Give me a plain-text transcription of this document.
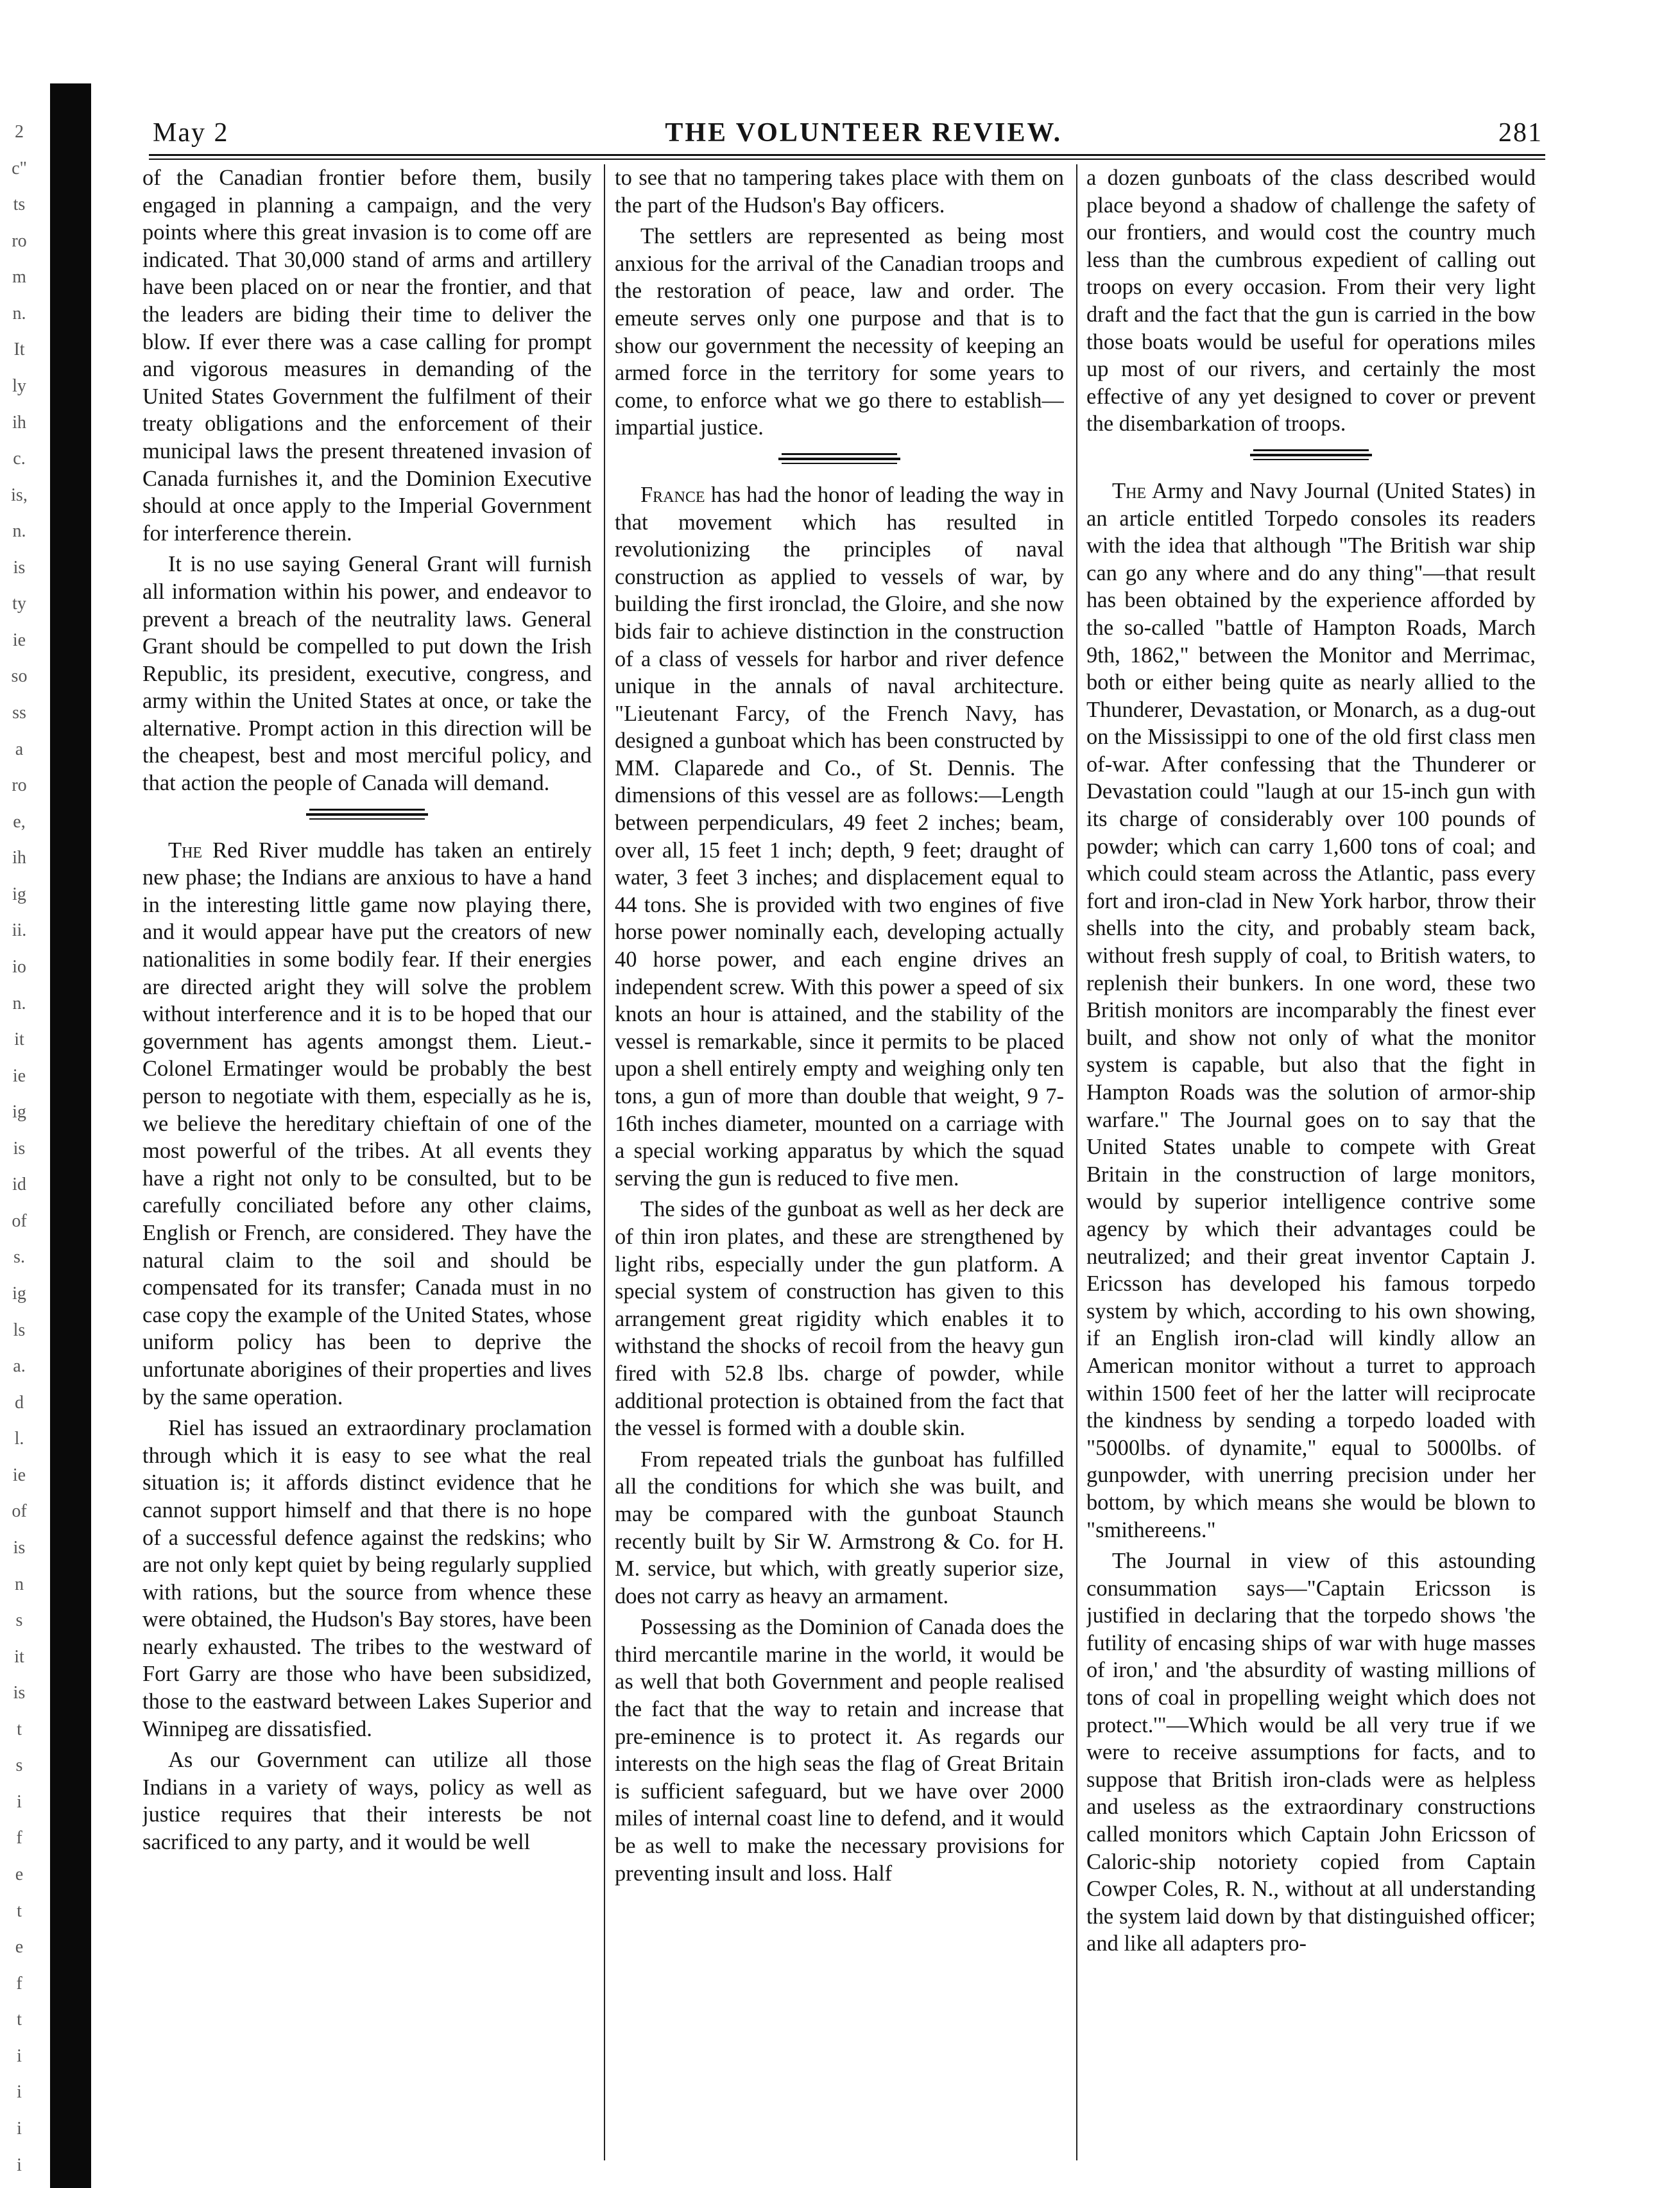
2
c"
ts
ro
m
n.
It
ly
ih
c.
is,
n.
is
ty
ie
so
ss
a
ro
e,
ih
ig
ii.
io
n.
it
ie
ig
is
id
of
s.
ig
ls
a.
d
l.
ie
of
is
n
s
it
is
t
s
i
f
e
t
e
f
t
i
i
i
i
May 2	THE VOLUNTEER REVIEW.	281

of the Canadian frontier before them, busily engaged in planning a campaign, and the very points where this great invasion is to come off are indicated. That 30,000 stand of arms and artillery have been placed on or near the frontier, and that the leaders are biding their time to deliver the blow. If ever there was a case calling for prompt and vigorous measures in demanding of the United States Government the fulfilment of their treaty obligations and the enforcement of their municipal laws the present threatened invasion of Canada furnishes it, and the Dominion Executive should at once apply to the Imperial Government for interference therein.

It is no use saying General Grant will furnish all information within his power, and endeavor to prevent a breach of the neutrality laws. General Grant should be compelled to put down the Irish Republic, its president, executive, congress, and army within the United States at once, or take the alternative. Prompt action in this direction will be the cheapest, best and most merciful policy, and that action the people of Canada will demand.

The Red River muddle has taken an entirely new phase; the Indians are anxious to have a hand in the interesting little game now playing there, and it would appear have put the creators of new nationalities in some bodily fear. If their energies are directed aright they will solve the problem without interference and it is to be hoped that our government has agents amongst them. Lieut.-Colonel Ermatinger would be probably the best person to negotiate with them, especially as he is, we believe the hereditary chieftain of one of the most powerful of the tribes. At all events they have a right not only to be consulted, but to be carefully conciliated before any other claims, English or French, are considered. They have the natural claim to the soil and should be compensated for its transfer; Canada must in no case copy the example of the United States, whose uniform policy has been to deprive the unfortunate aborigines of their properties and lives by the same operation.

Riel has issued an extraordinary proclamation through which it is easy to see what the real situation is; it affords distinct evidence that he cannot support himself and that there is no hope of a successful defence against the redskins; who are not only kept quiet by being regularly supplied with rations, but the source from whence these were obtained, the Hudson's Bay stores, have been nearly exhausted. The tribes to the westward of Fort Garry are those who have been subsidized, those to the eastward between Lakes Superior and Winnipeg are dissatisfied.

As our Government can utilize all those Indians in a variety of ways, policy as well as justice requires that their interests be not sacrificed to any party, and it would be well

to see that no tampering takes place with them on the part of the Hudson's Bay officers.

The settlers are represented as being most anxious for the arrival of the Canadian troops and the restoration of peace, law and order. The emeute serves only one purpose and that is to show our government the necessity of keeping an armed force in the territory for some years to come, to enforce what we go there to establish—impartial justice.

France has had the honor of leading the way in that movement which has resulted in revolutionizing the principles of naval construction as applied to vessels of war, by building the first ironclad, the Gloire, and she now bids fair to achieve distinction in the construction of a class of vessels for harbor and river defence unique in the annals of naval architecture. "Lieutenant Farcy, of the French Navy, has designed a gunboat which has been constructed by MM. Claparede and Co., of St. Dennis. The dimensions of this vessel are as follows:—Length between perpendiculars, 49 feet 2 inches; beam, over all, 15 feet 1 inch; depth, 9 feet; draught of water, 3 feet 3 inches; and displacement equal to 44 tons. She is provided with two engines of five horse power nominally each, developing actually 40 horse power, and each engine drives an independent screw. With this power a speed of six knots an hour is attained, and the stability of the vessel is remarkable, since it permits to be placed upon a shell entirely empty and weighing only ten tons, a gun of more than double that weight, 9 7-16th inches diameter, mounted on a carriage with a special working apparatus by which the squad serving the gun is reduced to five men.

The sides of the gunboat as well as her deck are of thin iron plates, and these are strengthened by light ribs, especially under the gun platform. A special system of construction has given to this arrangement great rigidity which enables it to withstand the shocks of recoil from the heavy gun fired with 52.8 lbs. charge of powder, while additional protection is obtained from the fact that the vessel is formed with a double skin.

From repeated trials the gunboat has fulfilled all the conditions for which she was built, and may be compared with the gunboat Staunch recently built by Sir W. Armstrong & Co. for H. M. service, but which, with greatly superior size, does not carry as heavy an armament.

Possessing as the Dominion of Canada does the third mercantile marine in the world, it would be as well that both Government and people realised the fact that the way to retain and increase that pre-eminence is to protect it. As regards our interests on the high seas the flag of Great Britain is sufficient safeguard, but we have over 2000 miles of internal coast line to defend, and it would be as well to make the necessary provisions for preventing insult and loss. Half

a dozen gunboats of the class described would place beyond a shadow of challenge the safety of our frontiers, and would cost the country much less than the cumbrous expedient of calling out troops on every occasion. From their very light draft and the fact that the gun is carried in the bow those boats would be useful for operations miles up most of our rivers, and certainly the most effective of any yet designed to cover or prevent the disembarkation of troops.

The Army and Navy Journal (United States) in an article entitled Torpedo consoles its readers with the idea that although "The British war ship can go any where and do any thing"—that result has been obtained by the experience afforded by the so-called "battle of Hampton Roads, March 9th, 1862," between the Monitor and Merrimac, both or either being quite as nearly allied to the Thunderer, Devastation, or Monarch, as a dug-out on the Mississippi to one of the old first class men of-war. After confessing that the Thunderer or Devastation could "laugh at our 15-inch gun with its charge of considerably over 100 pounds of powder; which can carry 1,600 tons of coal; and which could steam across the Atlantic, pass every fort and iron-clad in New York harbor, throw their shells into the city, and probably steam back, without fresh supply of coal, to British waters, to replenish their bunkers. In one word, these two British monitors are incomparably the finest ever built, and show not only of what the monitor system is capable, but also that the fight in Hampton Roads was the solution of armor-ship warfare." The Journal goes on to say that the United States unable to compete with Great Britain in the construction of large monitors, would by superior intelligence contrive some agency by which their advantages could be neutralized; and their great inventor Captain J. Ericsson has developed his famous torpedo system by which, according to his own showing, if an English iron-clad will kindly allow an American monitor without a turret to approach within 1500 feet of her the latter will reciprocate the kindness by sending a torpedo loaded with "5000lbs. of dynamite," equal to 5000lbs. of gunpowder, with unerring precision under her bottom, by which means she would be blown to "smithereens."

The Journal in view of this astounding consummation says—"Captain Ericsson is justified in declaring that the torpedo shows 'the futility of encasing ships of war with huge masses of iron,' and 'the absurdity of wasting millions of tons of coal in propelling weight which does not protect.'"—Which would be all very true if we were to receive assumptions for facts, and to suppose that British iron-clads were as helpless and useless as the extraordinary constructions called monitors which Captain John Ericsson of Caloric-ship notoriety copied from Captain Cowper Coles, R. N., without at all understanding the system laid down by that distinguished officer; and like all adapters pro-
